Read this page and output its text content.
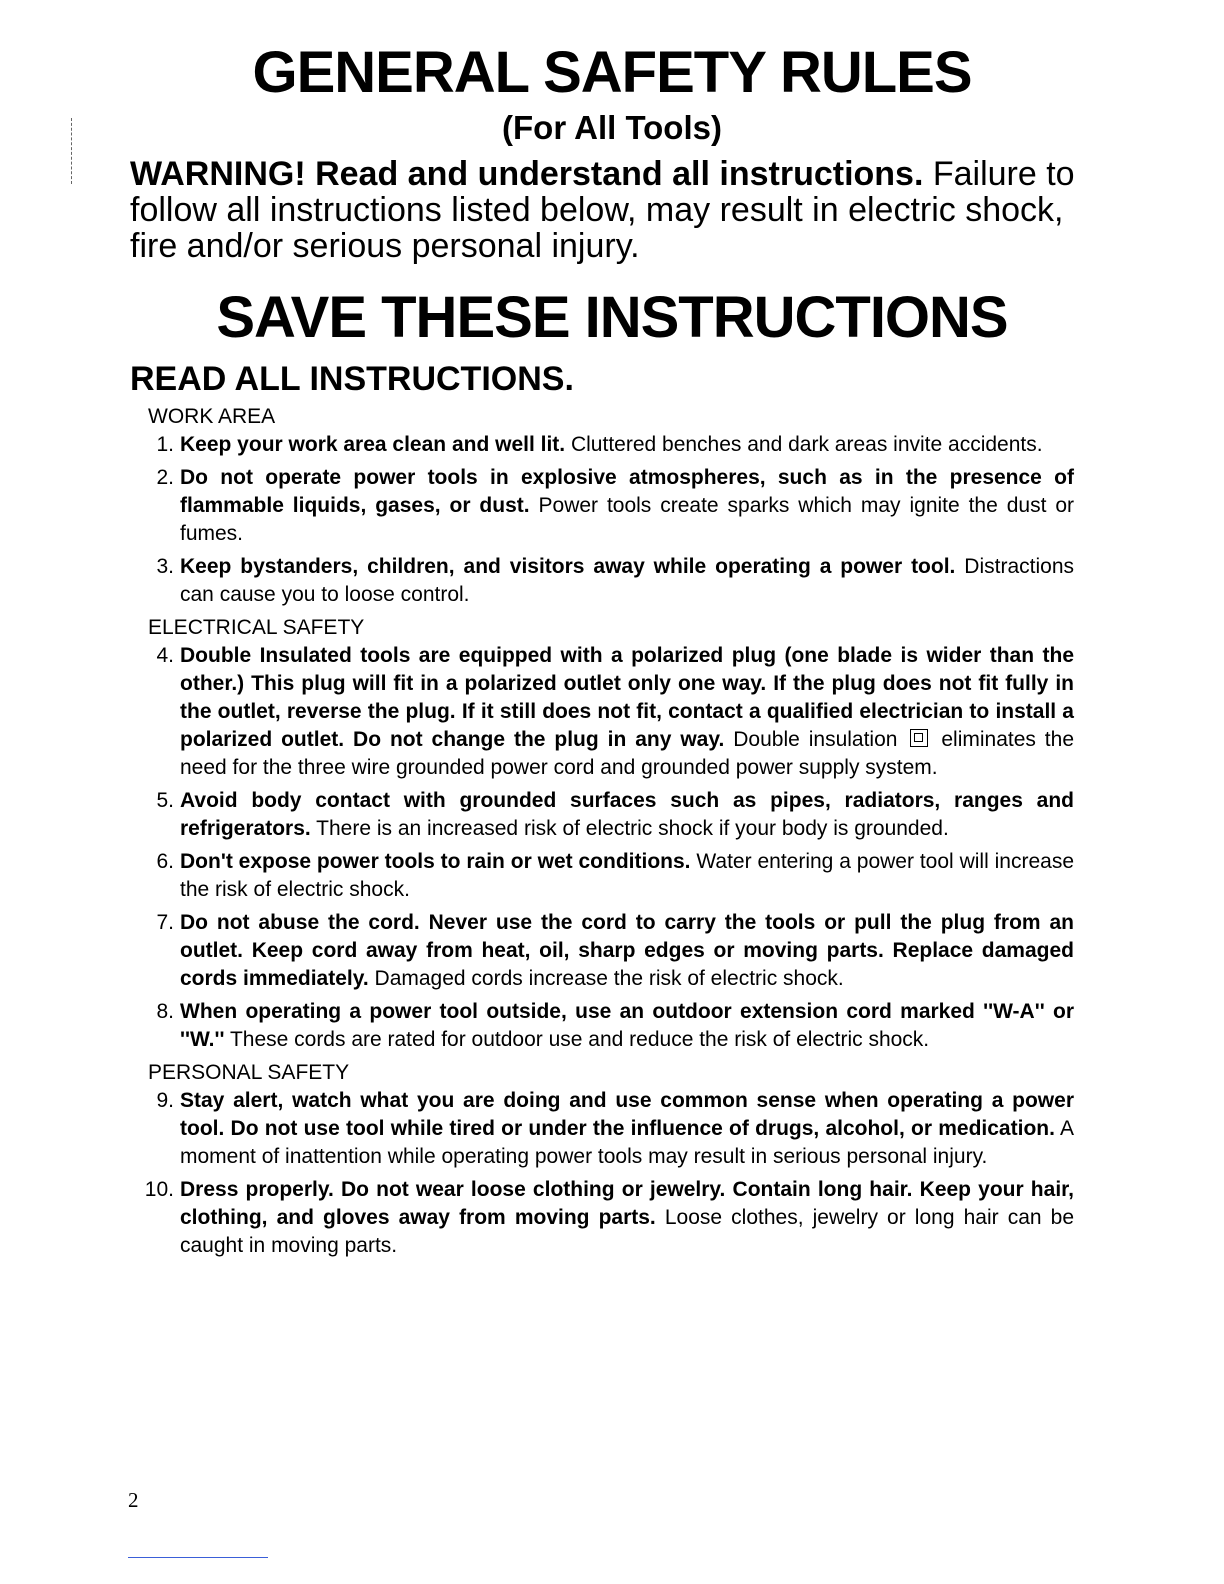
GENERAL SAFETY RULES
(For All Tools)
WARNING! Read and understand all instructions. Failure to follow all instructions listed below, may result in electric shock, fire and/or serious personal injury.
SAVE THESE INSTRUCTIONS
READ ALL INSTRUCTIONS.
WORK AREA
1. Keep your work area clean and well lit. Cluttered benches and dark areas invite accidents.
2. Do not operate power tools in explosive atmospheres, such as in the presence of flammable liquids, gases, or dust. Power tools create sparks which may ignite the dust or fumes.
3. Keep bystanders, children, and visitors away while operating a power tool. Distractions can cause you to loose control.
ELECTRICAL SAFETY
4. Double Insulated tools are equipped with a polarized plug (one blade is wider than the other.) This plug will fit in a polarized outlet only one way. If the plug does not fit fully in the outlet, reverse the plug. If it still does not fit, contact a qualified electrician to install a polarized outlet. Do not change the plug in any way. Double insulation eliminates the need for the three wire grounded power cord and grounded power supply system.
5. Avoid body contact with grounded surfaces such as pipes, radiators, ranges and refrigerators. There is an increased risk of electric shock if your body is grounded.
6. Don't expose power tools to rain or wet conditions. Water entering a power tool will increase the risk of electric shock.
7. Do not abuse the cord. Never use the cord to carry the tools or pull the plug from an outlet. Keep cord away from heat, oil, sharp edges or moving parts. Replace damaged cords immediately. Damaged cords increase the risk of electric shock.
8. When operating a power tool outside, use an outdoor extension cord marked ''W-A'' or ''W.'' These cords are rated for outdoor use and reduce the risk of electric shock.
PERSONAL SAFETY
9. Stay alert, watch what you are doing and use common sense when operating a power tool. Do not use tool while tired or under the influence of drugs, alcohol, or medication. A moment of inattention while operating power tools may result in serious personal injury.
10. Dress properly. Do not wear loose clothing or jewelry. Contain long hair. Keep your hair, clothing, and gloves away from moving parts. Loose clothes, jewelry or long hair can be caught in moving parts.
2
